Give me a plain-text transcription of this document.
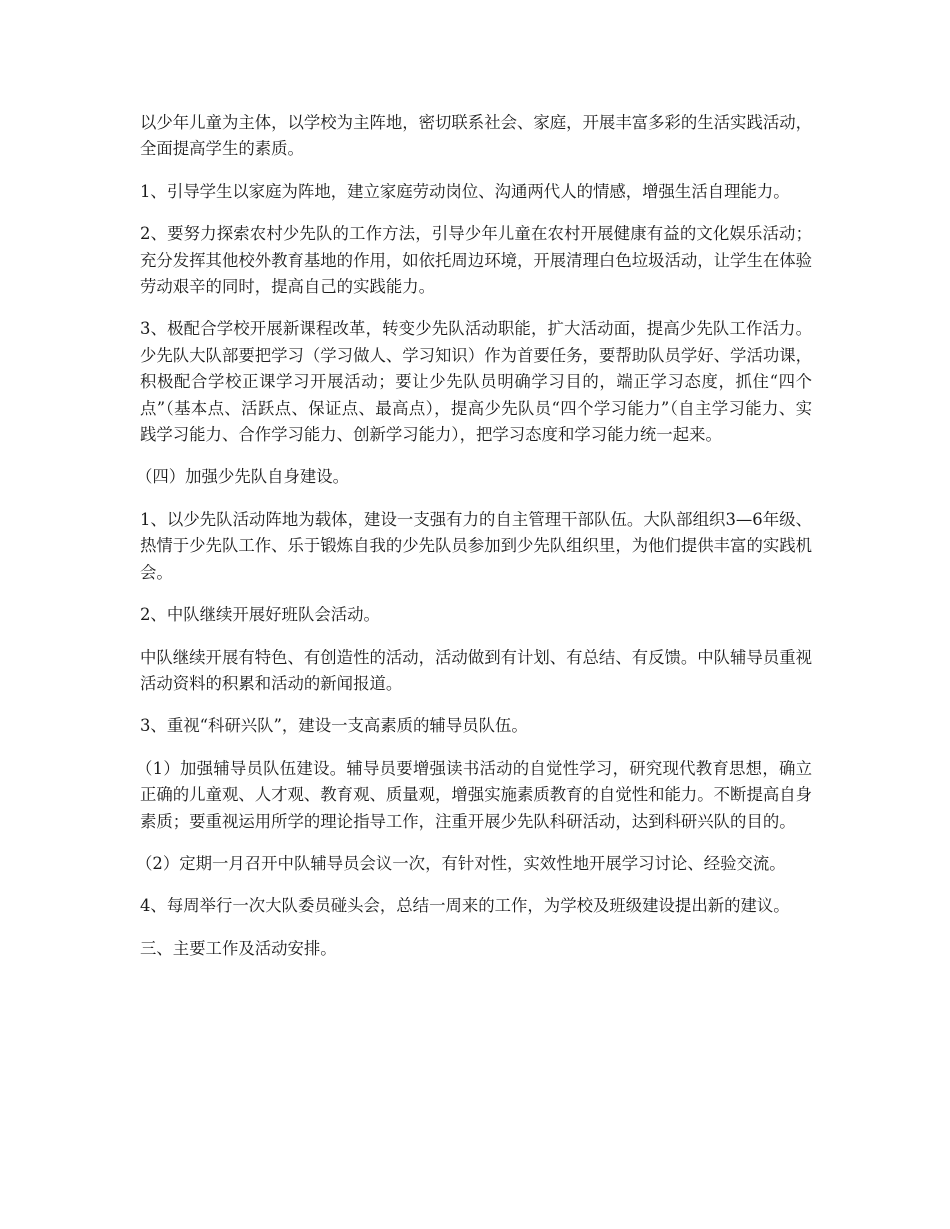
以少年儿童为主体，以学校为主阵地，密切联系社会、家庭，开展丰富多彩的生活实践活动，全面提高学生的素质。

1、引导学生以家庭为阵地，建立家庭劳动岗位、沟通两代人的情感，增强生活自理能力。

2、要努力探索农村少先队的工作方法，引导少年儿童在农村开展健康有益的文化娱乐活动；充分发挥其他校外教育基地的作用，如依托周边环境，开展清理白色垃圾活动，让学生在体验劳动艰辛的同时，提高自己的实践能力。

3、极配合学校开展新课程改革，转变少先队活动职能，扩大活动面，提高少先队工作活力。少先队大队部要把学习（学习做人、学习知识）作为首要任务，要帮助队员学好、学活功课，积极配合学校正课学习开展活动；要让少先队员明确学习目的，端正学习态度，抓住“四个点”（基本点、活跃点、保证点、最高点），提高少先队员“四个学习能力”（自主学习能力、实践学习能力、合作学习能力、创新学习能力），把学习态度和学习能力统一起来。

（四）加强少先队自身建设。

1、以少先队活动阵地为载体，建设一支强有力的自主管理干部队伍。大队部组织3—6年级、热情于少先队工作、乐于锻炼自我的少先队员参加到少先队组织里，为他们提供丰富的实践机会。

2、中队继续开展好班队会活动。

中队继续开展有特色、有创造性的活动，活动做到有计划、有总结、有反馈。中队辅导员重视活动资料的积累和活动的新闻报道。

3、重视“科研兴队”，建设一支高素质的辅导员队伍。

（1）加强辅导员队伍建设。辅导员要增强读书活动的自觉性学习，研究现代教育思想，确立正确的儿童观、人才观、教育观、质量观，增强实施素质教育的自觉性和能力。不断提高自身素质；要重视运用所学的理论指导工作，注重开展少先队科研活动，达到科研兴队的目的。

（2）定期一月召开中队辅导员会议一次，有针对性，实效性地开展学习讨论、经验交流。

4、每周举行一次大队委员碰头会，总结一周来的工作，为学校及班级建设提出新的建议。

三、主要工作及活动安排。
